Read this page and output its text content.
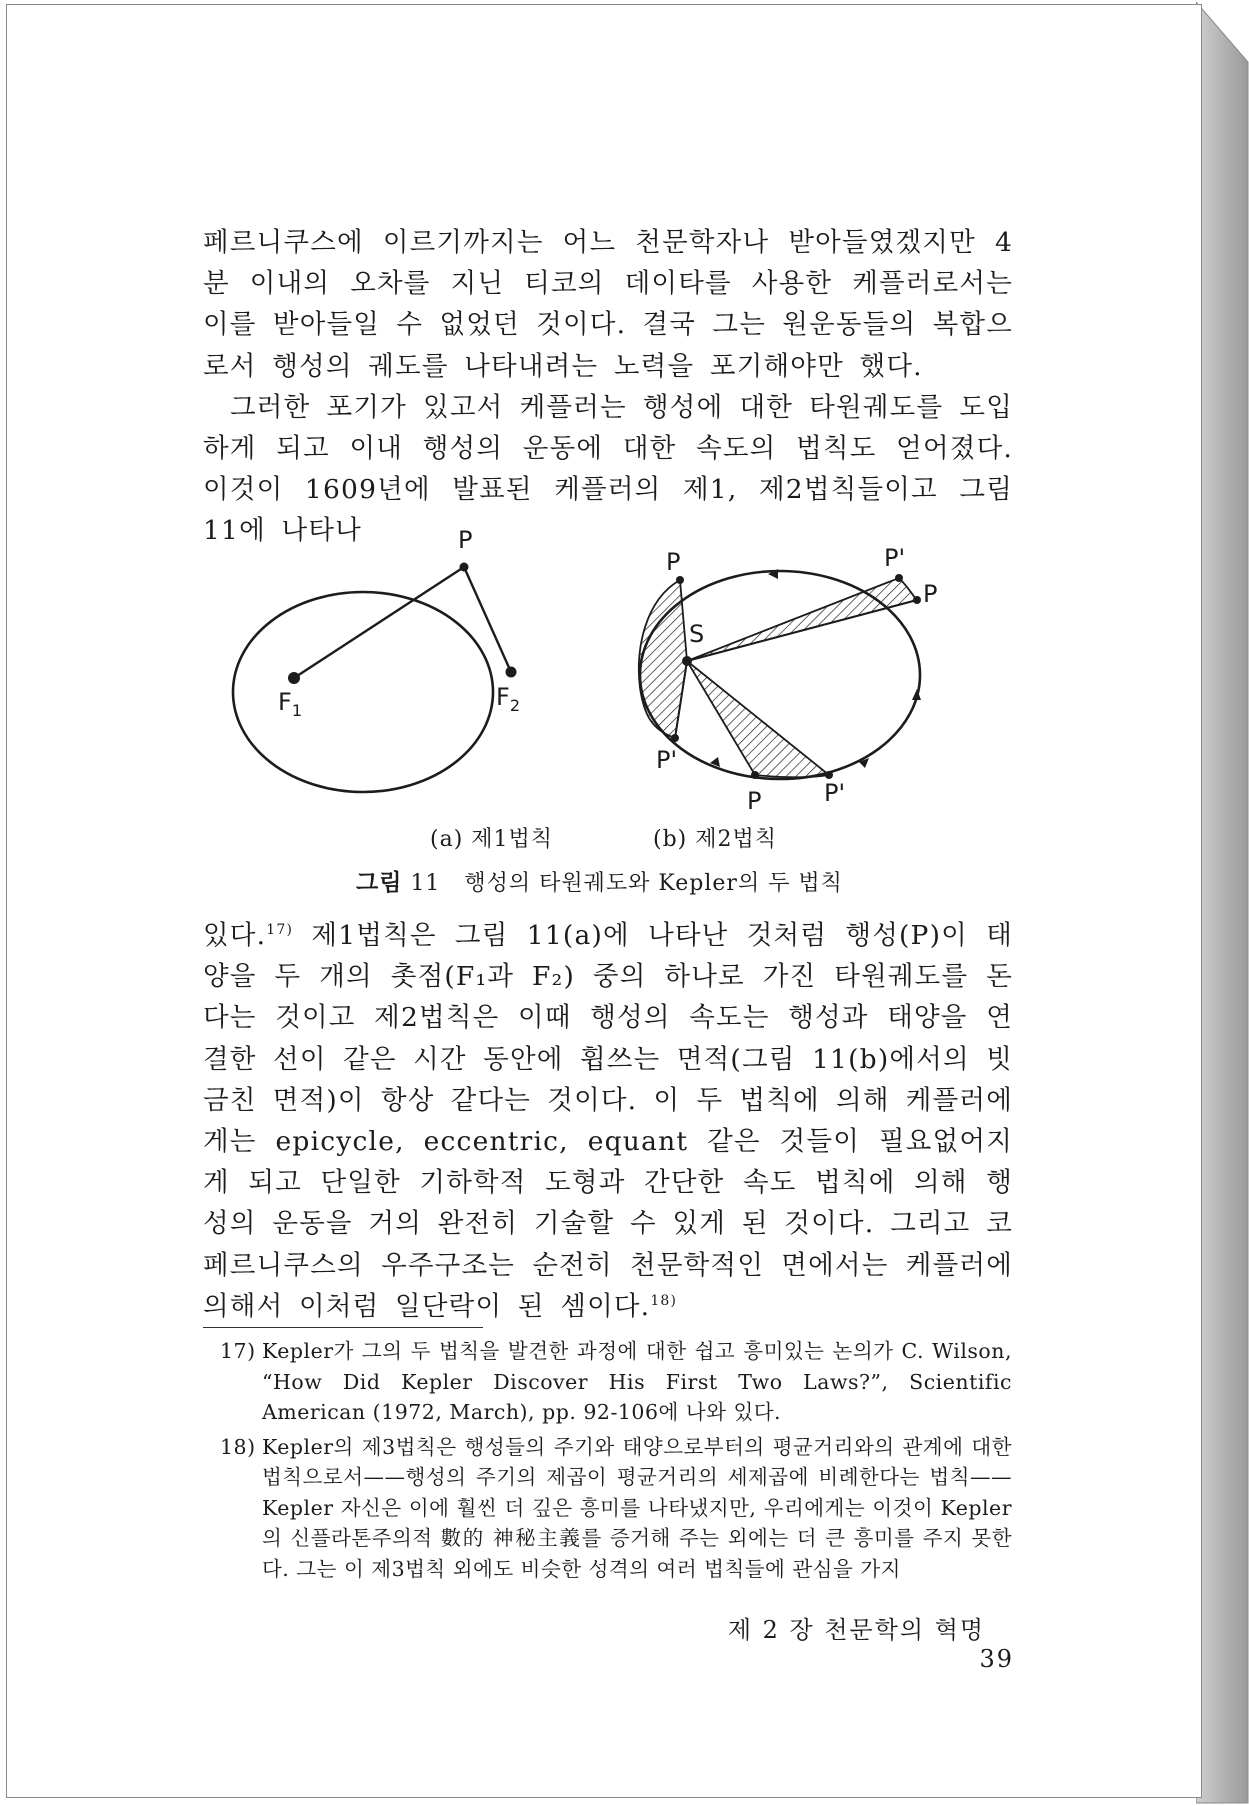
페르니쿠스에 이르기까지는 어느 천문학자나 받아들였겠지만 4분 이내의 오차를 지닌 티코의 데이타를 사용한 케플러로서는 이를 받아들일 수 없었던 것이다. 결국 그는 원운동들의 복합으로서 행성의 궤도를 나타내려는 노력을 포기해야만 했다.

그러한 포기가 있고서 케플러는 행성에 대한 타원궤도를 도입하게 되고 이내 행성의 운동에 대한 속도의 법칙도 얻어졌다. 이것이 1609년에 발표된 케플러의 제1, 제2법칙들이고 그림 11에 나타나	P
$F_1$	$F_2$
P	P'
P
S
P'
P	P'
(a) 제1법칙	(b) 제2법칙
그림 11 행성의 타원궤도와 Kepler의 두 법칙

있다.$^{17)}$ 제1법칙은 그림 11(a)에 나타난 것처럼 행성(P)이 태양을 두 개의 촛점(F₁과 F₂) 중의 하나로 가진 타원궤도를 돈다는 것이고 제2법칙은 이때 행성의 속도는 행성과 태양을 연결한 선이 같은 시간 동안에 휩쓰는 면적(그림 11(b)에서의 빗금친 면적)이 항상 같다는 것이다. 이 두 법칙에 의해 케플러에게는 epicycle, eccentric, equant 같은 것들이 필요없어지게 되고 단일한 기하학적 도형과 간단한 속도 법칙에 의해 행성의 운동을 거의 완전히 기술할 수 있게 된 것이다. 그리고 코페르니쿠스의 우주구조는 순전히 천문학적인 면에서는 케플러에 의해서 이처럼 일단락이 된 셈이다.$^{18)}$

17) Kepler가 그의 두 법칙을 발견한 과정에 대한 쉽고 흥미있는 논의가 C. Wilson, “How Did Kepler Discover His First Two Laws?”, Scientific American (1972, March), pp. 92-106에 나와 있다.

18) Kepler의 제3법칙은 행성들의 주기와 태양으로부터의 평균거리와의 관계에 대한 법칙으로서——행성의 주기의 제곱이 평균거리의 세제곱에 비례한다는 법칙——Kepler 자신은 이에 훨씬 더 깊은 흥미를 나타냈지만, 우리에게는 이것이 Kepler의 신플라톤주의적 數的 神秘主義를 증거해 주는 외에는 더 큰 흥미를 주지 못한다. 그는 이 제3법칙 외에도 비슷한 성격의 여러 법칙들에 관심을 가지

제 2 장 천문학의 혁명    39
